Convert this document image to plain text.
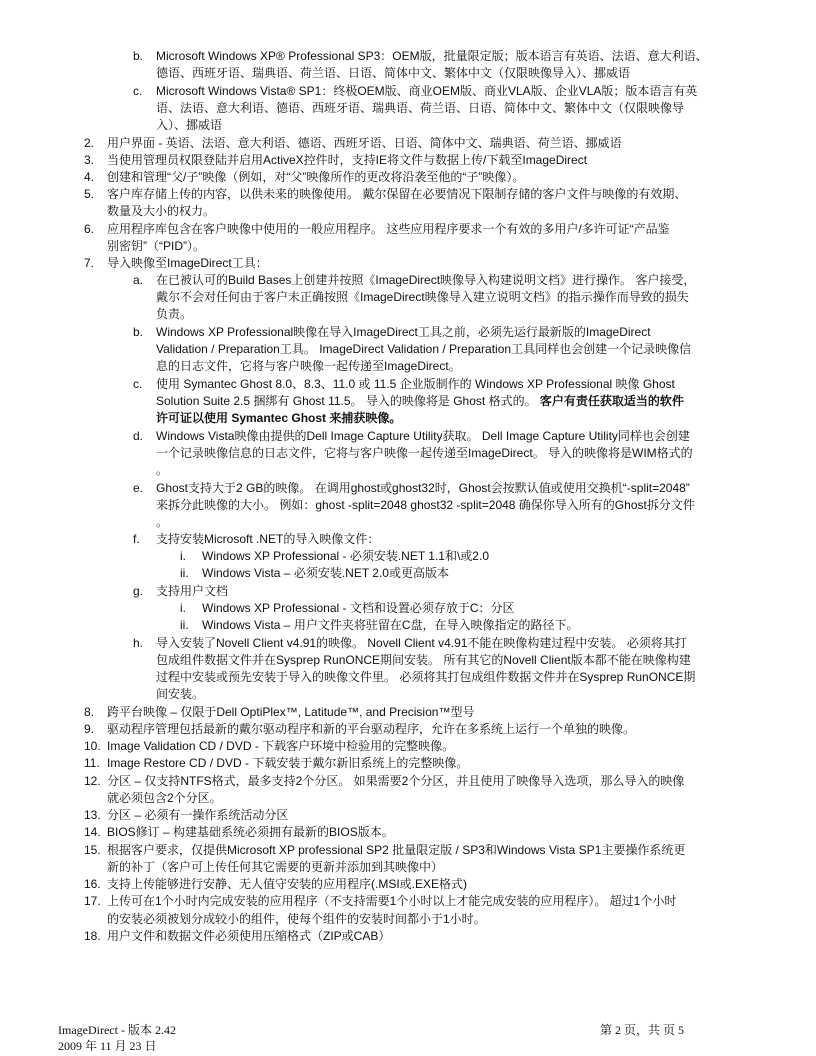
b. Microsoft Windows XP® Professional SP3：OEM版，批量限定版；版本语言有英语、法语、意大利语、
德语、西班牙语、瑞典语、荷兰语、日语、简体中文、繁体中文（仅限映像导入）、挪威语
c. Microsoft Windows Vista® SP1：终极OEM版、商业OEM版、商业VLA版、企业VLA版；版本语言有英
语、法语、意大利语、德语、西班牙语、瑞典语、荷兰语、日语、简体中文、繁体中文（仅限映像导
入）、挪威语
2. 用户界面 - 英语、法语、意大利语、德语、西班牙语、日语、简体中文、瑞典语、荷兰语、挪威语
3. 当使用管理员权限登陆并启用ActiveX控件时，支持IE将文件与数据上传/下载至ImageDirect
4. 创建和管理“父/子”映像（例如，对“父”映像所作的更改将沿袭至他的“子”映像）。
5. 客户库存储上传的内容，以供未来的映像使用。 戴尔保留在必要情况下限制存储的客户文件与映像的有效期、
数量及大小的权力。
6. 应用程序库包含在客户映像中使用的一般应用程序。 这些应用程序要求一个有效的多用户/多许可证“产品鉴
别密钥”（“PID”）。
7. 导入映像至ImageDirect工具：
a. 在已被认可的Build Bases上创建并按照《ImageDirect映像导入构建说明文档》进行操作。 客户接受，
戴尔不会对任何由于客户未正确按照《ImageDirect映像导入建立说明文档》的指示操作而导致的损失
负责。
b. Windows XP Professional映像在导入ImageDirect工具之前，必须先运行最新版的ImageDirect
Validation / Preparation工具。 ImageDirect Validation / Preparation工具同样也会创建一个记录映像信
息的日志文件，它将与客户映像一起传递至ImageDirect。
c. 使用 Symantec Ghost 8.0、8.3、11.0 或 11.5 企业版制作的 Windows XP Professional 映像 Ghost
Solution Suite 2.5 捆绑有 Ghost 11.5。 导入的映像将是 Ghost 格式的。 客户有责任获取适当的软件
许可证以使用 Symantec Ghost 来捕获映像。
d. Windows Vista映像由提供的Dell Image Capture Utility获取。 Dell Image Capture Utility同样也会创建
一个记录映像信息的日志文件，它将与客户映像一起传递至ImageDirect。 导入的映像将是WIM格式的
。
e. Ghost支持大于2 GB的映像。 在调用ghost或ghost32时，Ghost会按默认值或使用交换机“-split=2048”
来拆分此映像的大小。 例如：ghost -split=2048 ghost32 -split=2048 确保你导入所有的Ghost拆分文件
。
f. 支持安装Microsoft .NET的导入映像文件：
i. Windows XP Professional - 必须安装.NET 1.1和\或2.0
ii. Windows Vista – 必须安装.NET 2.0或更高版本
g. 支持用户文档
i. Windows XP Professional - 文档和设置必须存放于C：分区
ii. Windows Vista – 用户文件夹将驻留在C盘，在导入映像指定的路径下。
h. 导入安装了Novell Client v4.91的映像。 Novell Client v4.91不能在映像构建过程中安装。 必须将其打
包成组件数据文件并在Sysprep RunONCE期间安装。 所有其它的Novell Client版本都不能在映像构建
过程中安装或预先安装于导入的映像文件里。 必须将其打包成组件数据文件并在Sysprep RunONCE期
间安装。
8. 跨平台映像 – 仅限于Dell OptiPlex™, Latitude™, and Precision™型号
9. 驱动程序管理包括最新的戴尔驱动程序和新的平台驱动程序，允许在多系统上运行一个单独的映像。
10. Image Validation CD / DVD - 下载客户环境中检验用的完整映像。
11. Image Restore CD / DVD - 下载安装于戴尔新旧系统上的完整映像。
12. 分区 – 仅支持NTFS格式，最多支持2个分区。 如果需要2个分区，并且使用了映像导入选项，那么导入的映像
就必须包含2个分区。
13. 分区 – 必须有一操作系统活动分区
14. BIOS修订 – 构建基础系统必须拥有最新的BIOS版本。
15. 根据客户要求，仅提供Microsoft XP professional SP2 批量限定版 / SP3和Windows Vista SP1主要操作系统更
新的补丁（客户可上传任何其它需要的更新并添加到其映像中）
16. 支持上传能够进行安静、无人值守安装的应用程序(.MSI或.EXE格式)
17. 上传可在1个小时内完成安装的应用程序（不支持需要1个小时以上才能完成安装的应用程序）。 超过1个小时
的安装必须被划分成较小的组件，使每个组件的安装时间都小于1小时。
18. 用户文件和数据文件必须使用压缩格式（ZIP或CAB）
ImageDirect - 版本 2.42
2009 年 11 月 23 日
第 2 页，共 页 5
